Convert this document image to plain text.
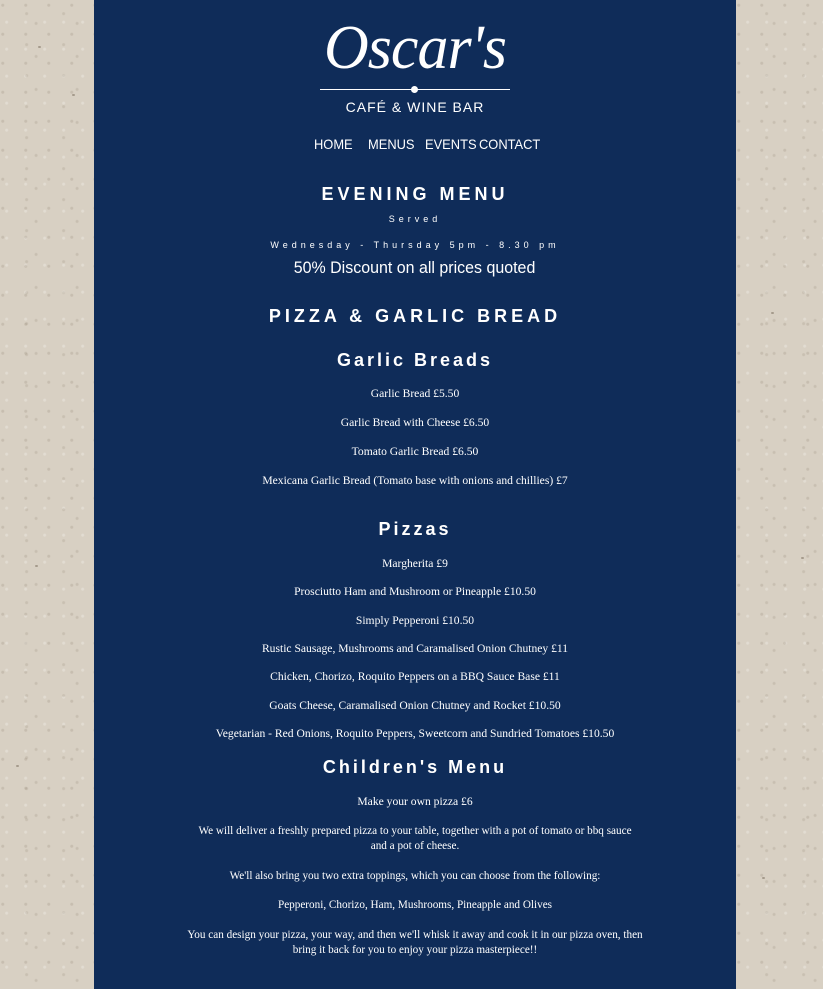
Oscar's
CAFÉ & WINE BAR
HOME MENUS EVENTS CONTACT
EVENING MENU
Served
Wednesday - Thursday 5pm - 8.30 pm
50% Discount on all prices quoted
PIZZA & GARLIC BREAD
Garlic Breads
Garlic Bread £5.50
Garlic Bread with Cheese £6.50
Tomato Garlic Bread £6.50
Mexicana Garlic Bread (Tomato base with onions and chillies) £7
Pizzas
Margherita £9
Prosciutto Ham and Mushroom or Pineapple £10.50
Simply Pepperoni £10.50
Rustic Sausage, Mushrooms and Caramalised Onion Chutney £11
Chicken, Chorizo, Roquito Peppers on a BBQ Sauce Base £11
Goats Cheese, Caramalised Onion Chutney and Rocket £10.50
Vegetarian - Red Onions, Roquito Peppers, Sweetcorn and Sundried Tomatoes £10.50
Children's Menu
Make your own pizza £6
We will deliver a freshly prepared pizza to your table, together with a pot of tomato or bbq sauce
and a pot of cheese.
We'll also bring you two extra toppings, which you can choose from the following:
Pepperoni, Chorizo, Ham, Mushrooms, Pineapple and Olives
You can design your pizza, your way, and then we'll whisk it away and cook it in our pizza oven, then
bring it back for you to enjoy your pizza masterpiece!!
